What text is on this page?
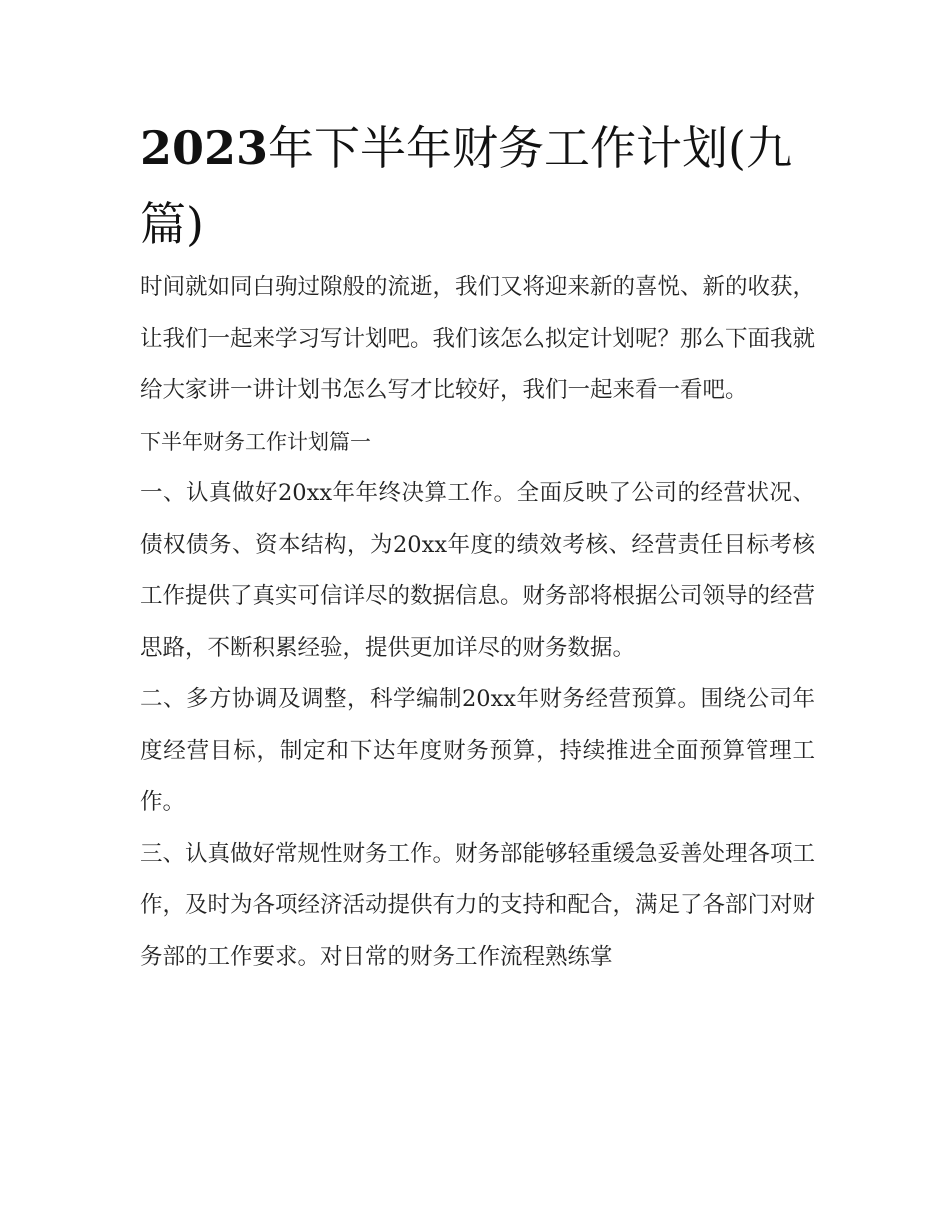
2023年下半年财务工作计划(九篇)

时间就如同白驹过隙般的流逝，我们又将迎来新的喜悦、新的收获，让我们一起来学习写计划吧。我们该怎么拟定计划呢？那么下面我就给大家讲一讲计划书怎么写才比较好，我们一起来看一看吧。

下半年财务工作计划篇一

一、认真做好20xx年年终决算工作。全面反映了公司的经营状况、债权债务、资本结构，为20xx年度的绩效考核、经营责任目标考核工作提供了真实可信详尽的数据信息。财务部将根据公司领导的经营思路，不断积累经验，提供更加详尽的财务数据。

二、多方协调及调整，科学编制20xx年财务经营预算。围绕公司年度经营目标，制定和下达年度财务预算，持续推进全面预算管理工作。

三、认真做好常规性财务工作。财务部能够轻重缓急妥善处理各项工作，及时为各项经济活动提供有力的支持和配合，满足了各部门对财务部的工作要求。对日常的财务工作流程熟练掌
